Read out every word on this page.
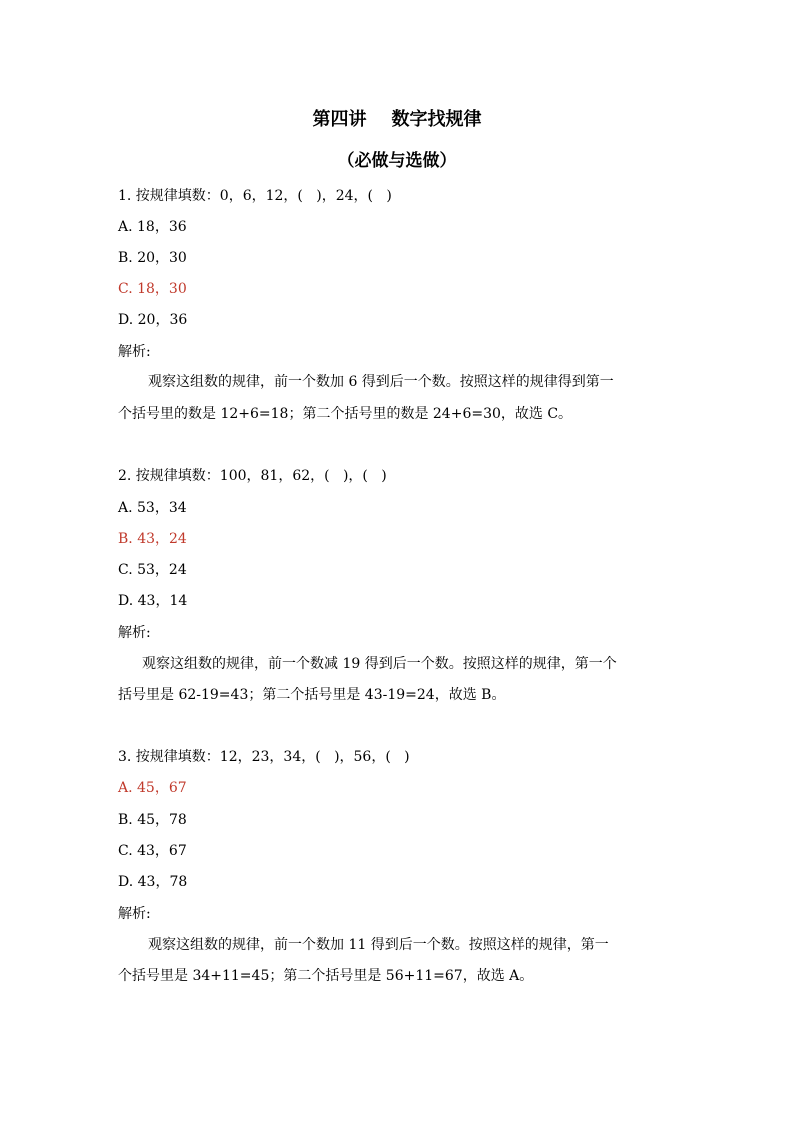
第四讲    数字找规律
（必做与选做）
1. 按规律填数：0，6，12，(   )，24，(   )
A. 18，36
B. 20，30
C. 18，30
D. 20，36
解析:
观察这组数的规律，前一个数加 6 得到后一个数。按照这样的规律得到第一
个括号里的数是 12+6=18；第二个括号里的数是 24+6=30，故选 C。
2. 按规律填数：100，81，62，(   )，(   )
A. 53，34
B. 43，24
C. 53，24
D. 43，14
解析:
观察这组数的规律，前一个数减 19 得到后一个数。按照这样的规律，第一个
括号里是 62-19=43；第二个括号里是 43-19=24，故选 B。
3. 按规律填数：12，23，34，(   )，56，(   )
A. 45，67
B. 45，78
C. 43，67
D. 43，78
解析:
观察这组数的规律，前一个数加 11 得到后一个数。按照这样的规律，第一
个括号里是 34+11=45；第二个括号里是 56+11=67，故选 A。
